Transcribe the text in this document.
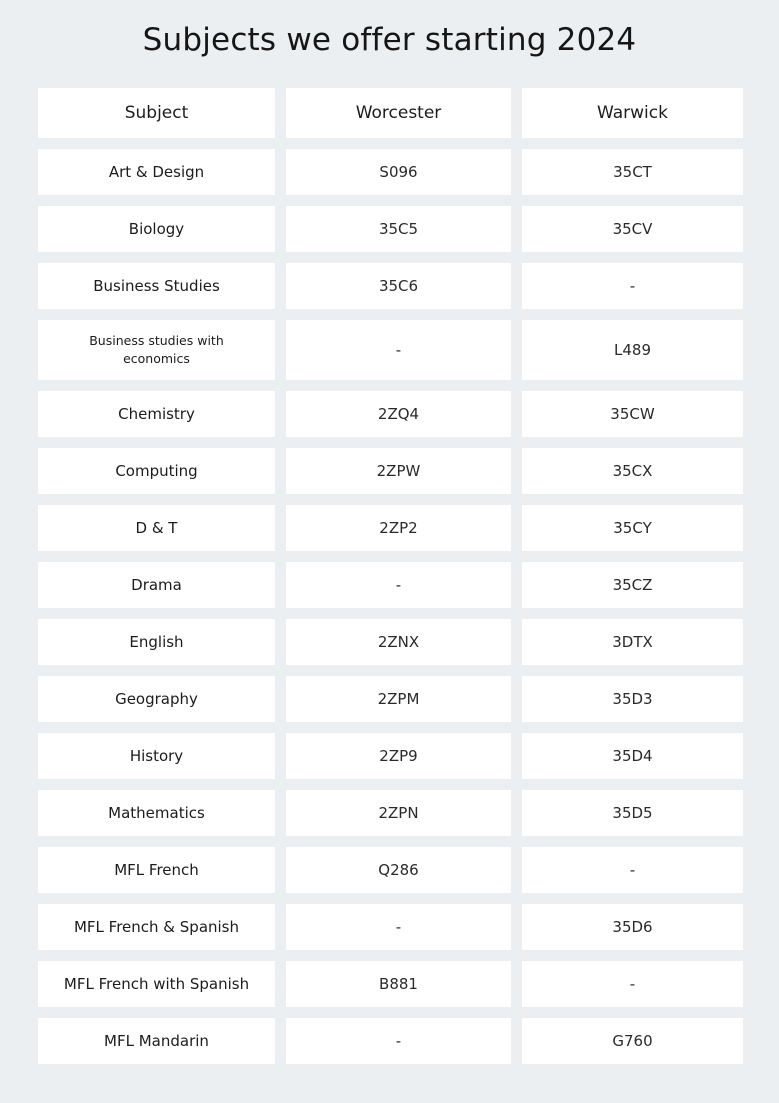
Subjects we offer starting 2024
Subject	Worcester	Warwick
Art & Design	S096	35CT
Biology	35C5	35CV
Business Studies	35C6	-
Business studies with economics	-	L489
Chemistry	2ZQ4	35CW
Computing	2ZPW	35CX
D & T	2ZP2	35CY
Drama	-	35CZ
English	2ZNX	3DTX
Geography	2ZPM	35D3
History	2ZP9	35D4
Mathematics	2ZPN	35D5
MFL French	Q286	-
MFL French & Spanish	-	35D6
MFL French with Spanish	B881	-
MFL Mandarin	-	G760
